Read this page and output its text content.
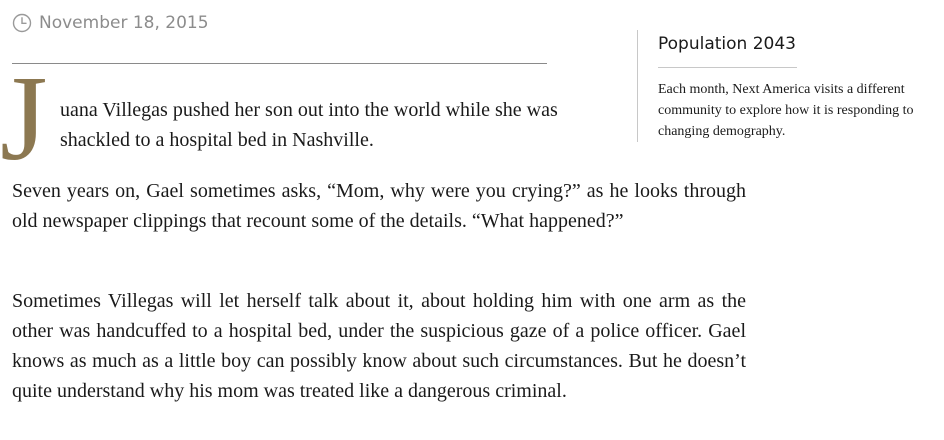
November 18, 2015
J uana Villegas pushed her son out into the world while she was shackled to a hospital bed in Nashville.

Seven years on, Gael sometimes asks, “Mom, why were you crying?” as he looks through old newspaper clippings that recount some of the details. “What happened?”

Sometimes Villegas will let herself talk about it, about holding him with one arm as the other was handcuffed to a hospital bed, under the suspicious gaze of a police officer. Gael knows as much as a little boy can possibly know about such circumstances. But he doesn’t quite understand why his mom was treated like a dangerous criminal.

Population 2043

Each month, Next America visits a different community to explore how it is responding to changing demography.
